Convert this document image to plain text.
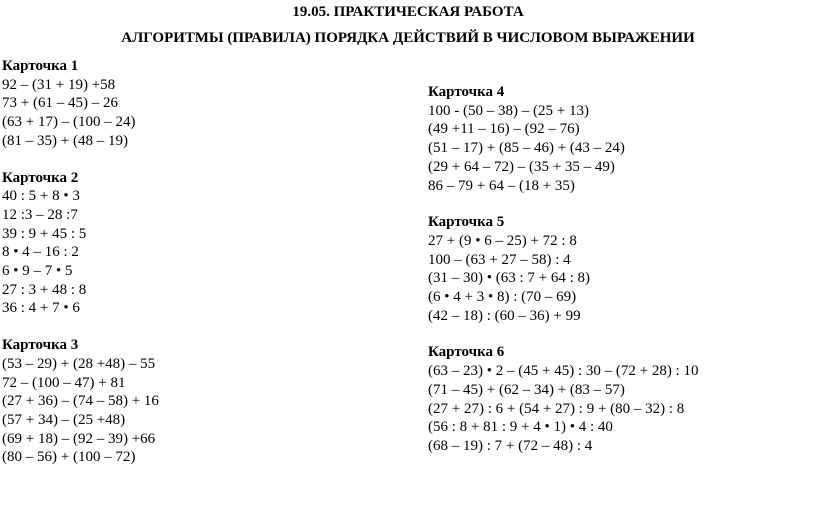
19.05. ПРАКТИЧЕСКАЯ РАБОТА
АЛГОРИТМЫ (ПРАВИЛА) ПОРЯДКА ДЕЙСТВИЙ В ЧИСЛОВОМ ВЫРАЖЕНИИ
Карточка 1
92 – (31 + 19) +58
73 + (61 – 45) – 26
(63 + 17) – (100 – 24)
(81 – 35) + (48 – 19)
Карточка 2
40 : 5 + 8 • 3
12 :3 – 28 :7
39 : 9 + 45 : 5
8 • 4 – 16 : 2
6 • 9 – 7 • 5
27 : 3 + 48 : 8
36 : 4 + 7 • 6
Карточка 3
(53 – 29) + (28 +48) – 55
72 – (100 – 47) + 81
(27 + 36) – (74 – 58) + 16
(57 + 34) – (25 +48)
(69 + 18) – (92 – 39) +66
(80 – 56) + (100 – 72)
Карточка 4
100 - (50 – 38) – (25 + 13)
(49 +11 – 16) – (92 – 76)
(51 – 17) + (85 – 46) + (43 – 24)
(29 + 64 – 72) – (35 + 35 – 49)
86 – 79 + 64 – (18 + 35)
Карточка 5
27 + (9 • 6 – 25) + 72 : 8
100 – (63 + 27 – 58) : 4
(31 – 30) • (63 : 7 + 64 : 8)
(6 • 4 + 3 • 8) : (70 – 69)
(42 – 18) : (60 – 36) + 99
Карточка 6
(63 – 23) • 2 – (45 + 45) : 30 – (72 + 28) : 10
(71 – 45) + (62 – 34) + (83 – 57)
(27 + 27) : 6 + (54 + 27) : 9 + (80 – 32) : 8
(56 : 8 + 81 : 9 + 4 • 1) • 4 : 40
(68 – 19) : 7 + (72 – 48) : 4
